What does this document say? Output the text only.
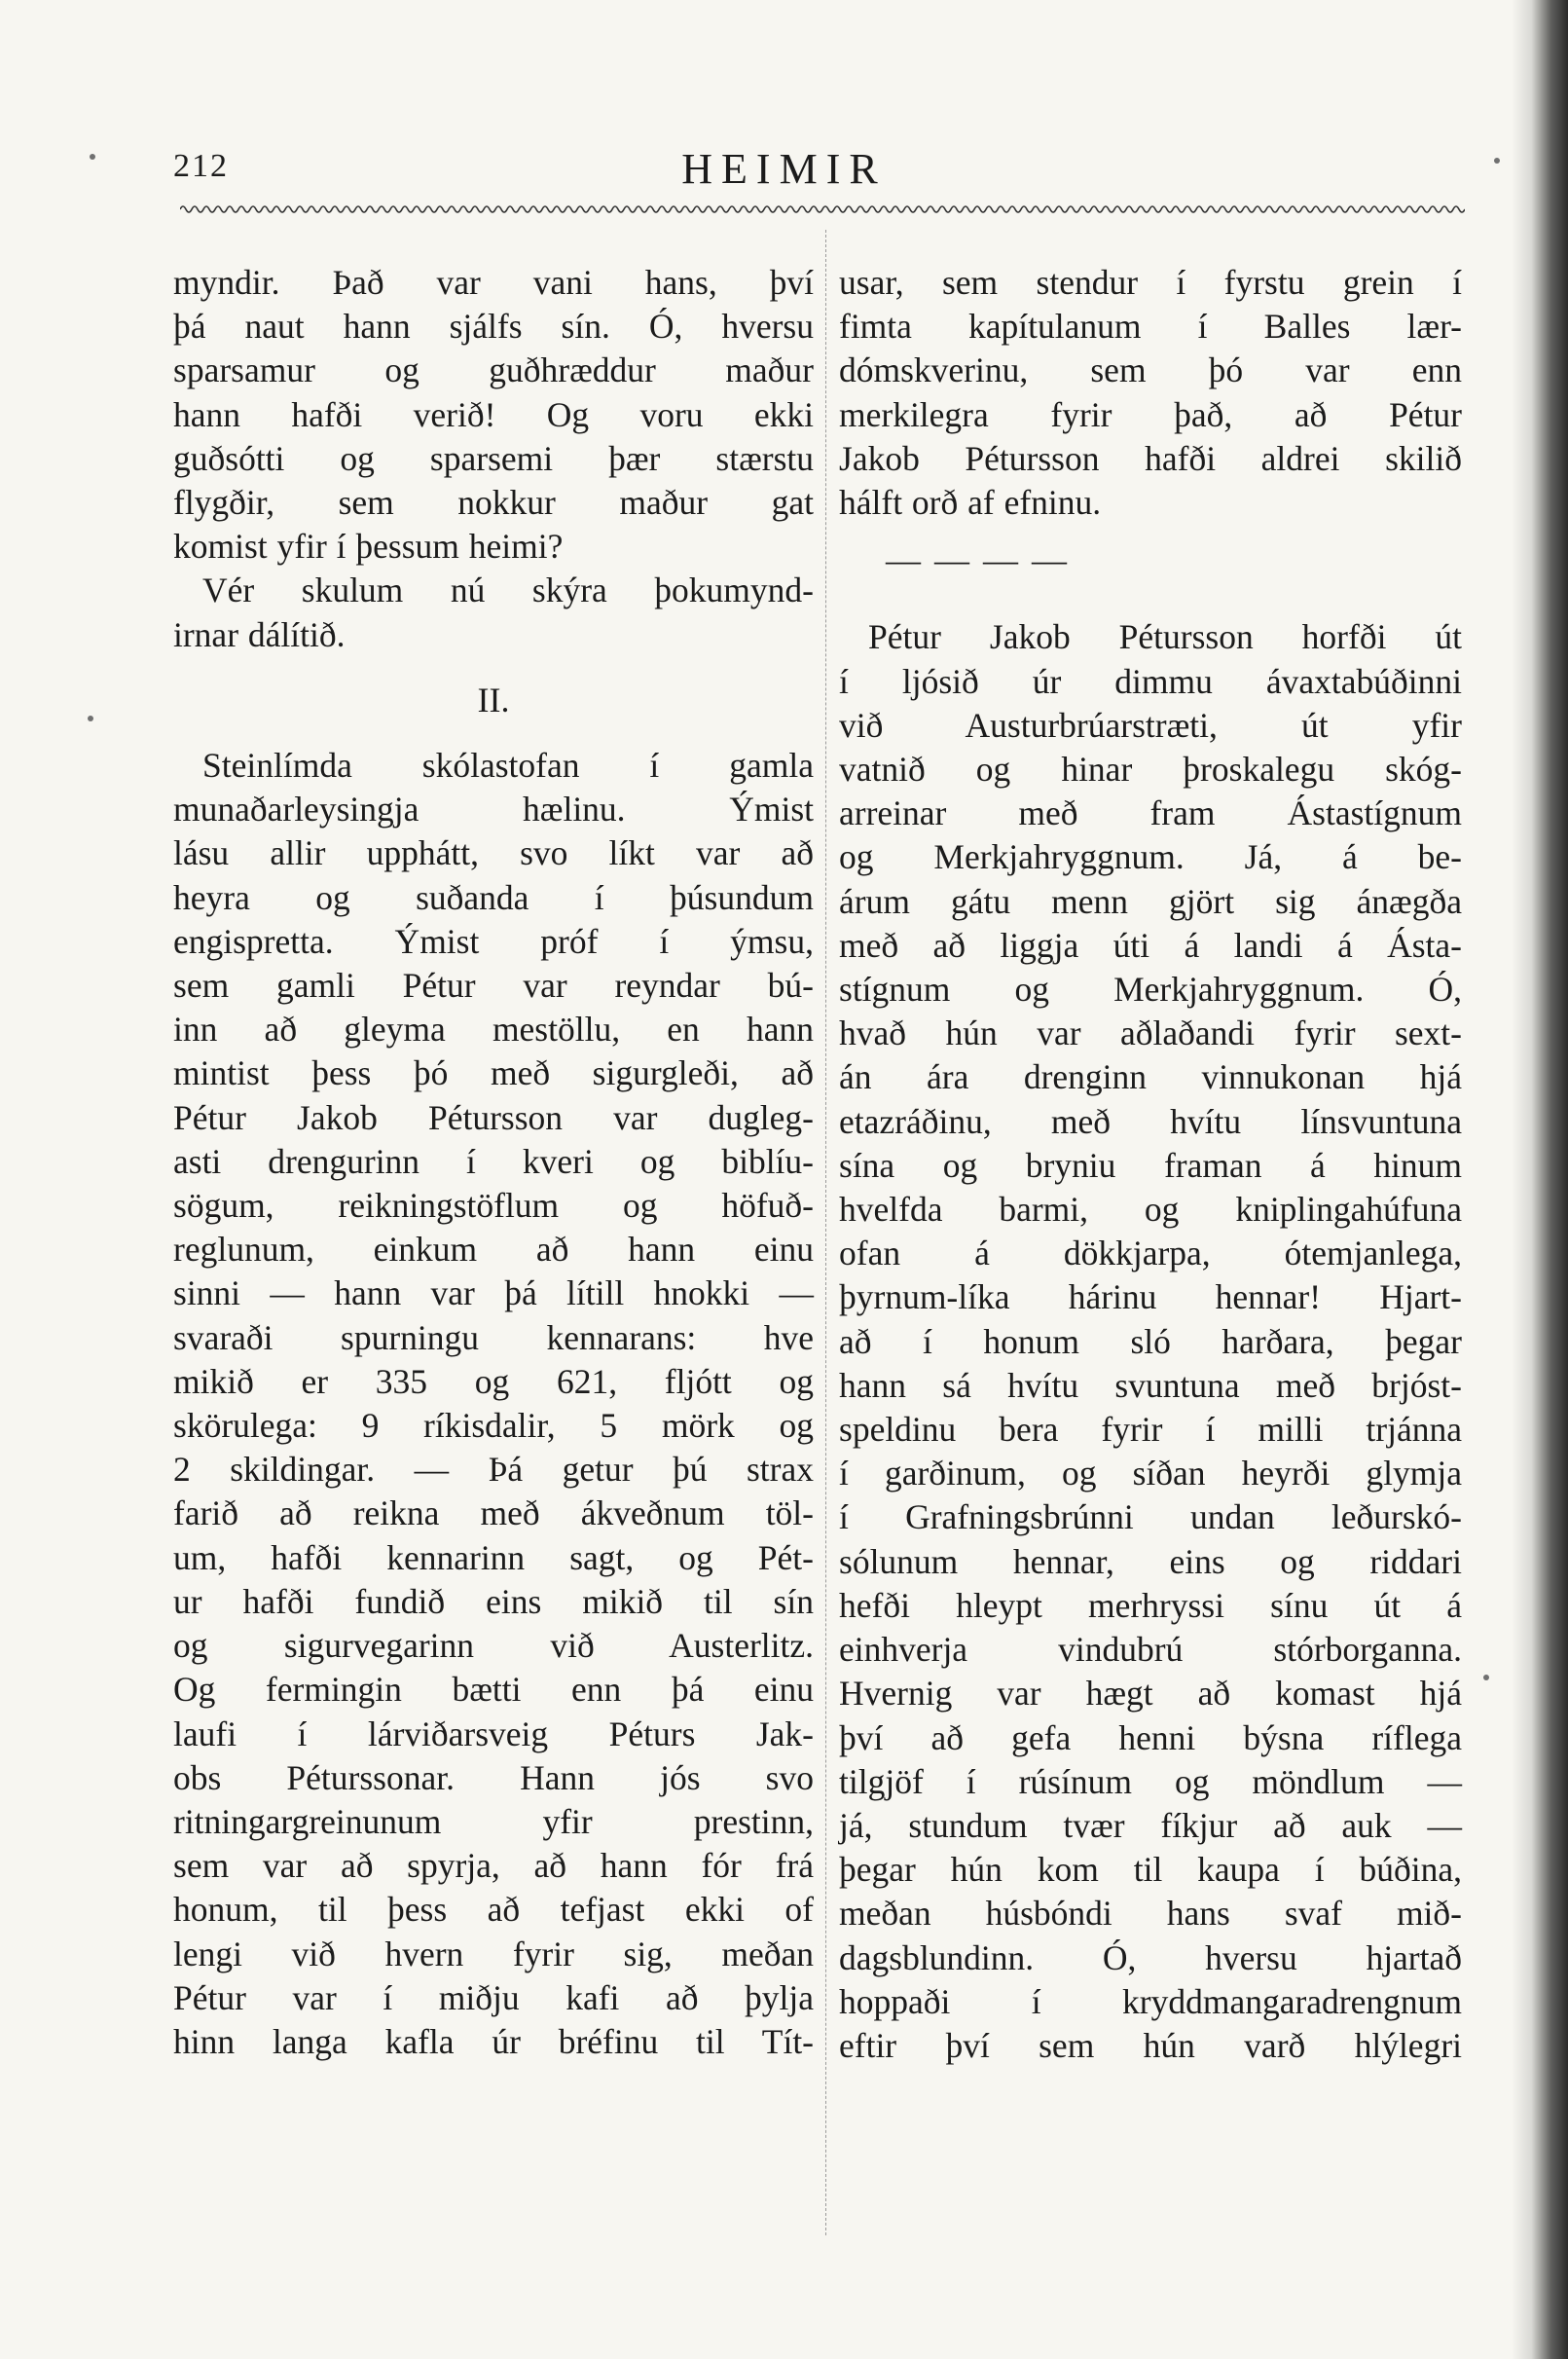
212	HEIMIR

myndir. Það var vani hans, því

þá naut hann sjálfs sín. Ó, hversu

sparsamur og guðhræddur maður

hann hafði verið! Og voru ekki

guðsótti og sparsemi þær stærstu

flygðir, sem nokkur maður gat

komist yfir í þessum heimi?

Vér skulum nú skýra þokumynd-

irnar dálítið.

II.

Steinlímda skólastofan í gamla

munaðarleysingja hælinu. Ýmist

lásu allir upphátt, svo líkt var að

heyra og suðanda í þúsundum

engispretta. Ýmist próf í ýmsu,

sem gamli Pétur var reyndar bú-

inn að gleyma mestöllu, en hann

mintist þess þó með sigurgleði, að

Pétur Jakob Pétursson var dugleg-

asti drengurinn í kveri og biblíu-

sögum, reikningstöflum og höfuð-

reglunum, einkum að hann einu

sinni — hann var þá lítill hnokki —

svaraði spurningu kennarans: hve

mikið er 335 og 621, fljótt og

skörulega: 9 ríkisdalir, 5 mörk og

2 skildingar. — Þá getur þú strax

farið að reikna með ákveðnum töl-

um, hafði kennarinn sagt, og Pét-

ur hafði fundið eins mikið til sín

og sigurvegarinn við Austerlitz.

Og fermingin bætti enn þá einu

laufi í lárviðarsveig Péturs Jak-

obs Péturssonar. Hann jós svo

ritningargreinunum yfir prestinn,

sem var að spyrja, að hann fór frá

honum, til þess að tefjast ekki of

lengi við hvern fyrir sig, meðan

Pétur var í miðju kafi að þylja

hinn langa kafla úr bréfinu til Tít-

usar, sem stendur í fyrstu grein í

fimta kapítulanum í Balles lær-

dómskverinu, sem þó var enn

merkilegra fyrir það, að Pétur

Jakob Pétursson hafði aldrei skilið

hálft orð af efninu.

— — — —

Pétur Jakob Pétursson horfði út

í ljósið úr dimmu ávaxtabúðinni

við Austurbrúarstræti, út yfir

vatnið og hinar þroskalegu skóg-

arreinar með fram Ástastígnum

og Merkjahryggnum. Já, á be-

árum gátu menn gjört sig ánægða

með að liggja úti á landi á Ásta-

stígnum og Merkjahryggnum. Ó,

hvað hún var aðlaðandi fyrir sext-

án ára drenginn vinnukonan hjá

etazráðinu, með hvítu línsvuntuna

sína og bryniu framan á hinum

hvelfda barmi, og kniplingahúfuna

ofan á dökkjarpa, ótemjanlega,

þyrnum-líka hárinu hennar! Hjart-

að í honum sló harðara, þegar

hann sá hvítu svuntuna með brjóst-

speldinu bera fyrir í milli trjánna

í garðinum, og síðan heyrði glymja

í Grafningsbrúnni undan leðurskó-

sólunum hennar, eins og riddari

hefði hleypt merhryssi sínu út á

einhverja vindubrú stórborganna.

Hvernig var hægt að komast hjá

því að gefa henni býsna ríflega

tilgjöf í rúsínum og möndlum —

já, stundum tvær fíkjur að auk —

þegar hún kom til kaupa í búðina,

meðan húsbóndi hans svaf mið-

dagsblundinn. Ó, hversu hjartað

hoppaði í kryddmangaradrengnum

eftir því sem hún varð hlýlegri
